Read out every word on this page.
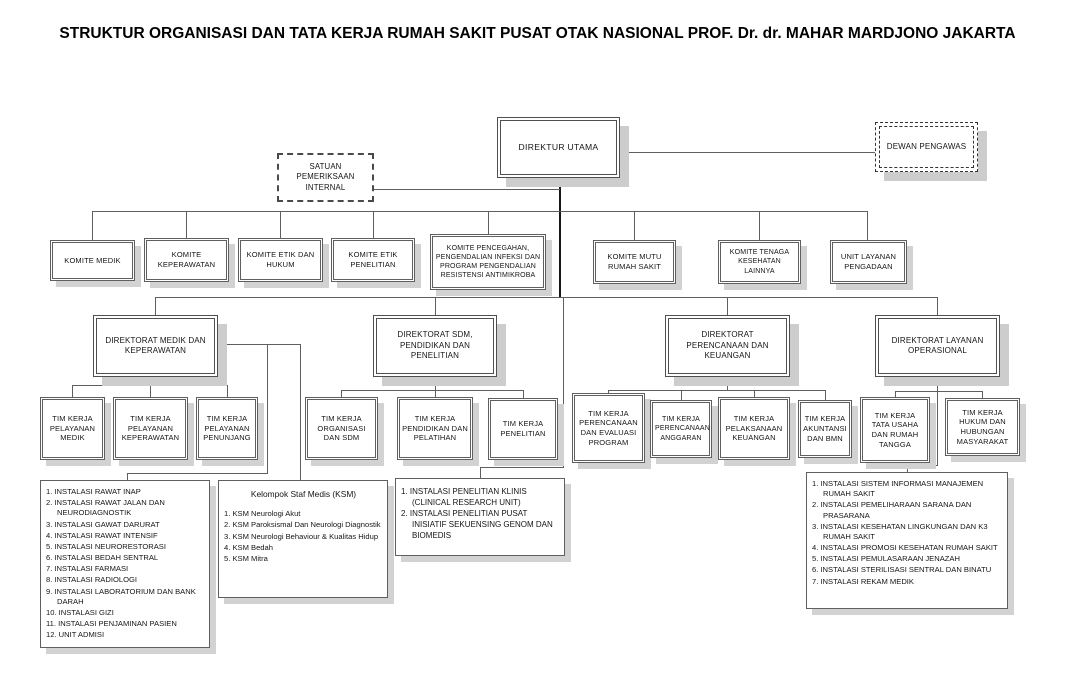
STRUKTUR ORGANISASI DAN TATA KERJA RUMAH SAKIT PUSAT OTAK NASIONAL PROF. Dr. dr. MAHAR MARDJONO JAKARTA
DIREKTUR UTAMA	DEWAN PENGAWAS
SATUAN PEMERIKSAAN INTERNAL
KOMITE MEDIK
KOMITE KEPERAWATAN
KOMITE ETIK DAN HUKUM
KOMITE ETIK PENELITIAN
KOMITE PENCEGAHAN, PENGENDALIAN INFEKSI DAN PROGRAM PENGENDALIAN RESISTENSI ANTIMIKROBA
KOMITE MUTU RUMAH SAKIT
KOMITE TENAGA KESEHATAN LAINNYA
UNIT LAYANAN PENGADAAN
DIREKTORAT MEDIK DAN KEPERAWATAN
DIREKTORAT SDM, PENDIDIKAN DAN PENELITIAN
DIREKTORAT PERENCANAAN DAN KEUANGAN
DIREKTORAT LAYANAN OPERASIONAL
TIM KERJA PELAYANAN MEDIK
TIM KERJA PELAYANAN KEPERAWATAN
TIM KERJA PELAYANAN PENUNJANG
TIM KERJA ORGANISASI DAN SDM
TIM KERJA PENDIDIKAN DAN PELATIHAN
TIM KERJA PENELITIAN
TIM KERJA PERENCANAAN DAN EVALUASI PROGRAM
TIM KERJA PERENCANAAN ANGGARAN
TIM KERJA PELAKSANAAN KEUANGAN
TIM KERJA AKUNTANSI DAN BMN
TIM KERJA TATA USAHA DAN RUMAH TANGGA
TIM KERJA HUKUM DAN HUBUNGAN MASYARAKAT
1. INSTALASI RAWAT INAP
2. INSTALASI RAWAT JALAN DAN NEURODIAGNOSTIK
3. INSTALASI GAWAT DARURAT
4. INSTALASI RAWAT INTENSIF
5. INSTALASI NEURORESTORASI
6. INSTALASI BEDAH SENTRAL
7. INSTALASI FARMASI
8. INSTALASI RADIOLOGI
9. INSTALASI LABORATORIUM DAN BANK DARAH
10. INSTALASI GIZI
11. INSTALASI PENJAMINAN PASIEN
12. UNIT ADMISI
Kelompok Staf Medis (KSM)
1. KSM Neurologi Akut
2. KSM Paroksismal Dan Neurologi Diagnostik
3. KSM Neurologi Behaviour & Kualitas Hidup
4. KSM Bedah
5. KSM Mitra
1. INSTALASI PENELITIAN KLINIS (CLINICAL RESEARCH UNIT)
2. INSTALASI PENELITIAN PUSAT INISIATIF SEKUENSING GENOM DAN BIOMEDIS
1. INSTALASI SISTEM INFORMASI MANAJEMEN RUMAH SAKIT
2. INSTALASI PEMELIHARAAN SARANA DAN PRASARANA
3. INSTALASI KESEHATAN LINGKUNGAN DAN K3 RUMAH SAKIT
4. INSTALASI PROMOSI KESEHATAN RUMAH SAKIT
5. INSTALASI PEMULASARAAN JENAZAH
6. INSTALASI STERILISASI SENTRAL DAN BINATU
7. INSTALASI REKAM MEDIK
